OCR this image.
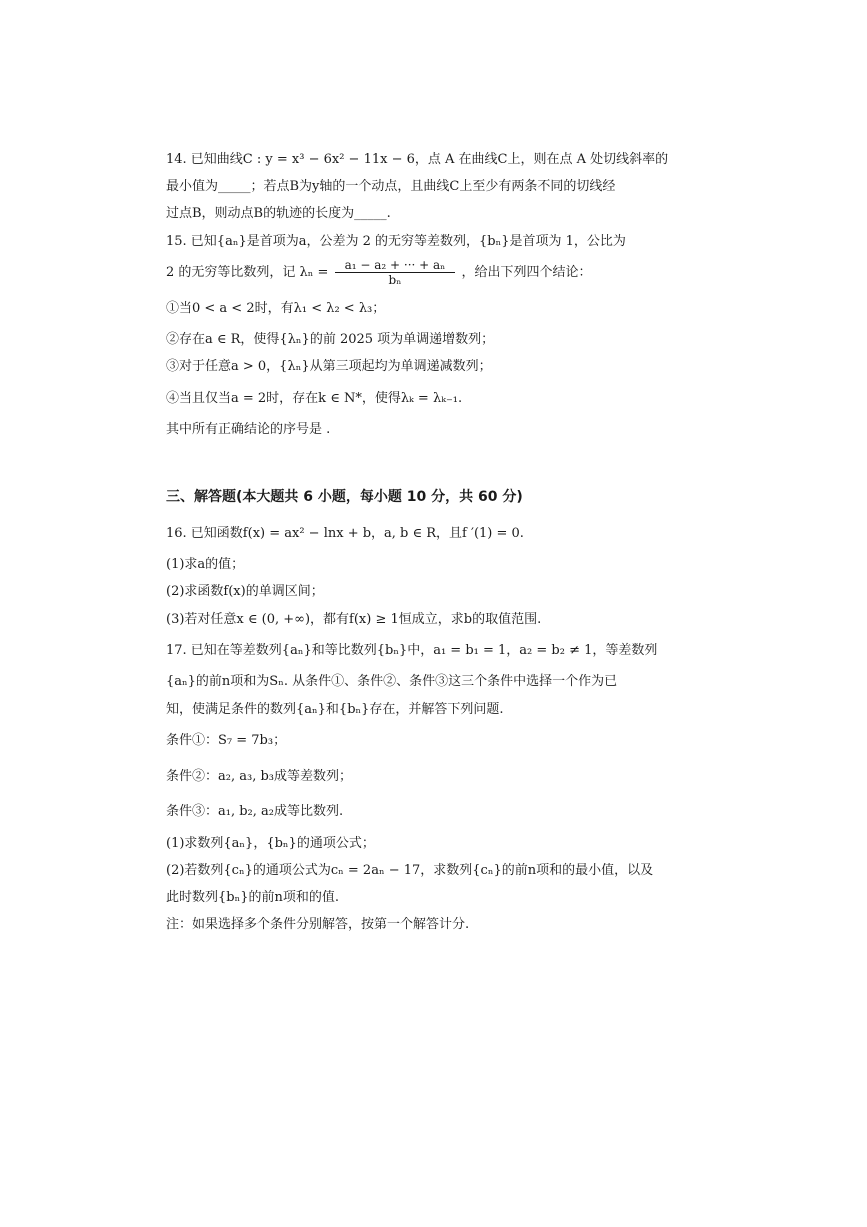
14. 已知曲线C : y = x³ − 6x² − 11x − 6，点 A 在曲线C上，则在点 A 处切线斜率的
最小值为_____；若点B为y轴的一个动点，且曲线C上至少有两条不同的切线经
过点B，则动点B的轨迹的长度为_____.
15. 已知{aₙ}是首项为a，公差为 2 的无穷等差数列，{bₙ}是首项为 1，公比为
2 的无穷等比数列，记 $\lambda_n = \frac{\text{a₁ − a₂ + ··· + aₙ}}{\text{bₙ}}$ ，给出下列四个结论：
①当0 < a < 2时，有λ₁ < λ₂ < λ₃；
②存在a ∈ R，使得{λₙ}的前 2025 项为单调递增数列；
③对于任意a > 0，{λₙ}从第三项起均为单调递减数列；
④当且仅当a = 2时，存在k ∈ N*，使得λₖ = λₖ₋₁.
其中所有正确结论的序号是 .
三、解答题(本大题共 6 小题，每小题 10 分，共 60 分)
16. 已知函数f(x) = ax² − lnx + b，a, b ∈ R，且f ′(1) = 0.
(1)求a的值；
(2)求函数f(x)的单调区间；
(3)若对任意x ∈ (0, +∞)，都有f(x) ≥ 1恒成立，求b的取值范围.
17. 已知在等差数列{aₙ}和等比数列{bₙ}中，a₁ = b₁ = 1，a₂ = b₂ ≠ 1，等差数列
{aₙ}的前n项和为Sₙ. 从条件①、条件②、条件③这三个条件中选择一个作为已
知，使满足条件的数列{aₙ}和{bₙ}存在，并解答下列问题.
条件①：S₇ = 7b₃；
条件②：a₂, a₃, b₃成等差数列；
条件③：a₁, b₂, a₂成等比数列.
(1)求数列{aₙ}，{bₙ}的通项公式；
(2)若数列{cₙ}的通项公式为cₙ = 2aₙ − 17，求数列{cₙ}的前n项和的最小值，以及
此时数列{bₙ}的前n项和的值.
注：如果选择多个条件分别解答，按第一个解答计分.
